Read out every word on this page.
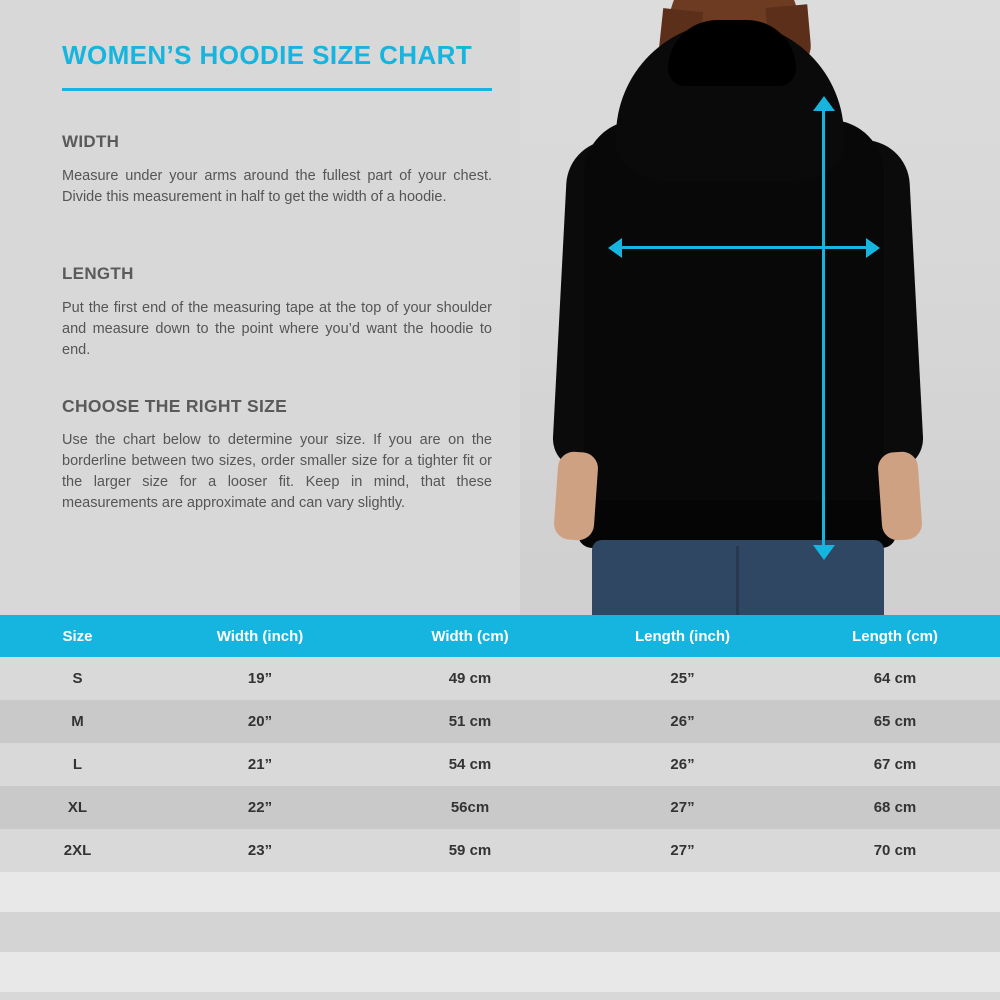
WOMEN’S HOODIE SIZE CHART
WIDTH
Measure under your arms around the fullest part of your chest. Divide this measurement in half to get the width of a hoodie.
LENGTH
Put the first end of the measuring tape at the top of your shoulder and measure down to the point where you’d want the hoodie to end.
CHOOSE THE RIGHT SIZE
Use the chart below to determine your size. If you are on the borderline between two sizes, order smaller size for a tighter fit or the larger size for a looser fit. Keep in mind, that these measurements are approximate and can vary slightly.
Size	Width (inch)	Width (cm)	Length (inch)	Length (cm)
S	19”	49 cm	25”	64 cm
M	20”	51 cm	26”	65 cm
L	21”	54 cm	26”	67 cm
XL	22”	56cm	27”	68 cm
2XL	23”	59 cm	27”	70 cm
